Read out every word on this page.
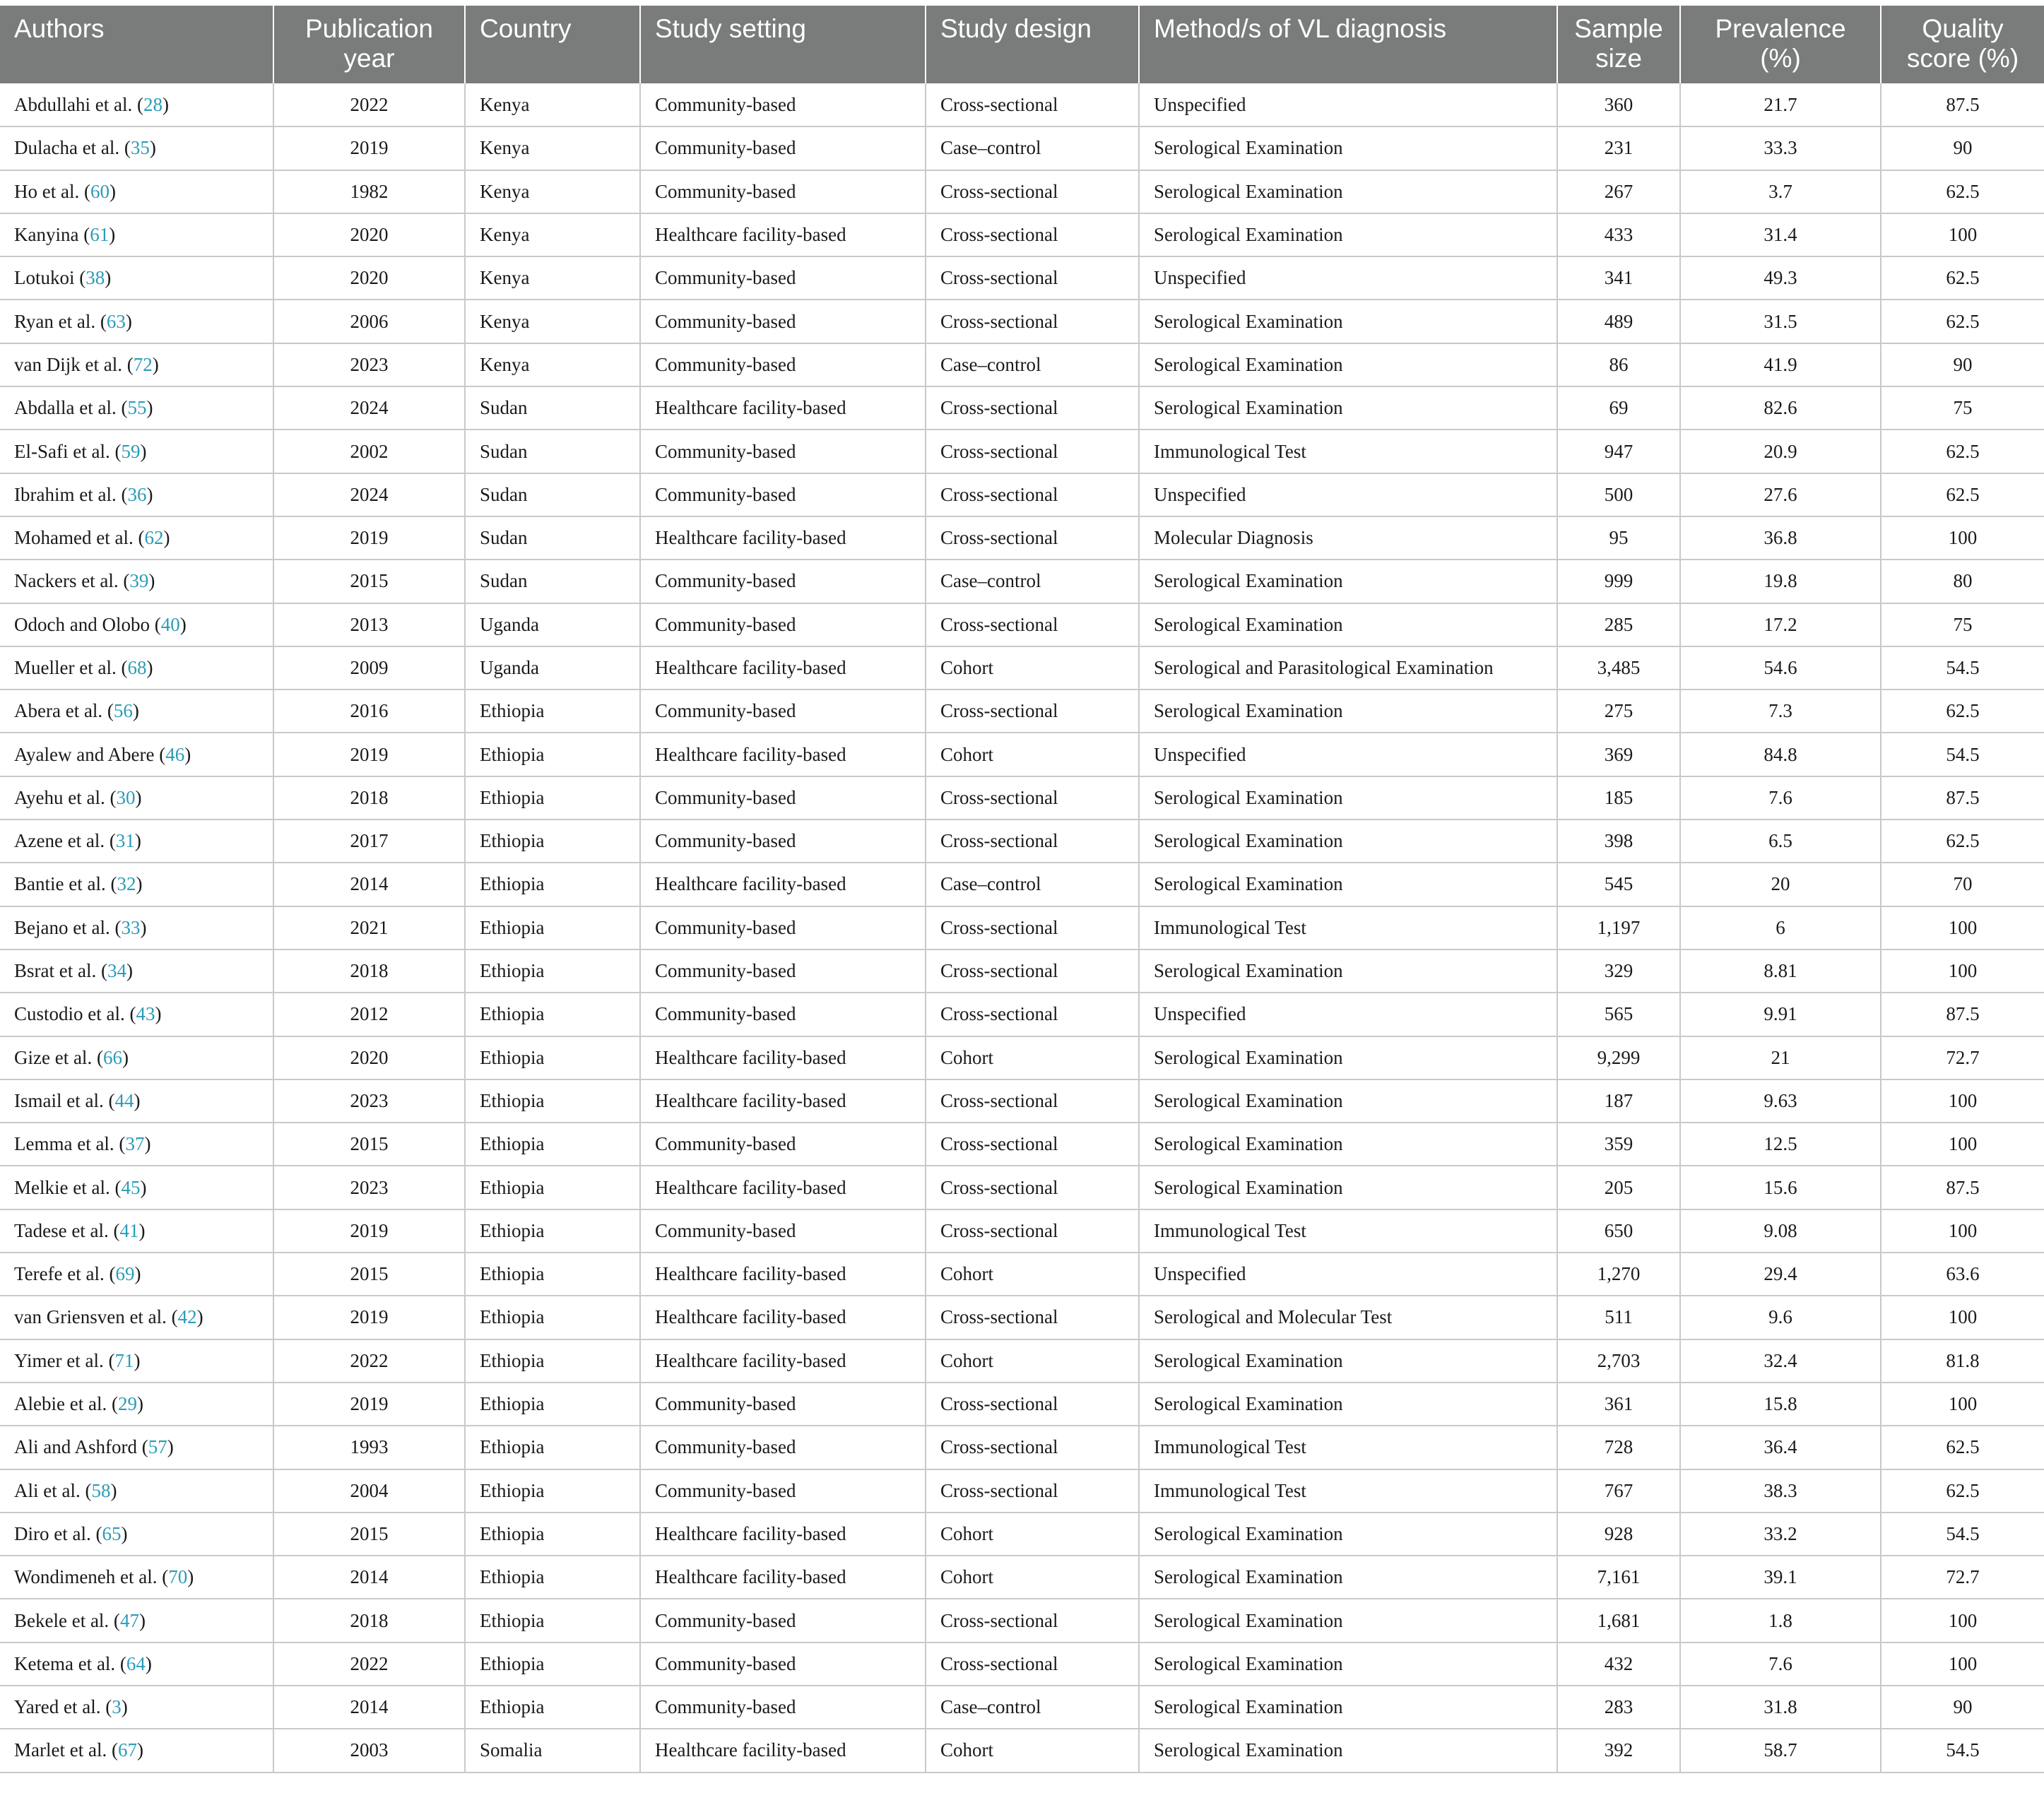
Authors	Publication year	Country	Study setting	Study design	Method/s of VL diagnosis	Sample size	Prevalence (%)	Quality score (%)
Abdullahi et al. (28)	2022	Kenya	Community-based	Cross-sectional	Unspecified	360	21.7	87.5
Dulacha et al. (35)	2019	Kenya	Community-based	Case–control	Serological Examination	231	33.3	90
Ho et al. (60)	1982	Kenya	Community-based	Cross-sectional	Serological Examination	267	3.7	62.5
Kanyina (61)	2020	Kenya	Healthcare facility-based	Cross-sectional	Serological Examination	433	31.4	100
Lotukoi (38)	2020	Kenya	Community-based	Cross-sectional	Unspecified	341	49.3	62.5
Ryan et al. (63)	2006	Kenya	Community-based	Cross-sectional	Serological Examination	489	31.5	62.5
van Dijk et al. (72)	2023	Kenya	Community-based	Case–control	Serological Examination	86	41.9	90
Abdalla et al. (55)	2024	Sudan	Healthcare facility-based	Cross-sectional	Serological Examination	69	82.6	75
El-Safi et al. (59)	2002	Sudan	Community-based	Cross-sectional	Immunological Test	947	20.9	62.5
Ibrahim et al. (36)	2024	Sudan	Community-based	Cross-sectional	Unspecified	500	27.6	62.5
Mohamed et al. (62)	2019	Sudan	Healthcare facility-based	Cross-sectional	Molecular Diagnosis	95	36.8	100
Nackers et al. (39)	2015	Sudan	Community-based	Case–control	Serological Examination	999	19.8	80
Odoch and Olobo (40)	2013	Uganda	Community-based	Cross-sectional	Serological Examination	285	17.2	75
Mueller et al. (68)	2009	Uganda	Healthcare facility-based	Cohort	Serological and Parasitological Examination	3,485	54.6	54.5
Abera et al. (56)	2016	Ethiopia	Community-based	Cross-sectional	Serological Examination	275	7.3	62.5
Ayalew and Abere (46)	2019	Ethiopia	Healthcare facility-based	Cohort	Unspecified	369	84.8	54.5
Ayehu et al. (30)	2018	Ethiopia	Community-based	Cross-sectional	Serological Examination	185	7.6	87.5
Azene et al. (31)	2017	Ethiopia	Community-based	Cross-sectional	Serological Examination	398	6.5	62.5
Bantie et al. (32)	2014	Ethiopia	Healthcare facility-based	Case–control	Serological Examination	545	20	70
Bejano et al. (33)	2021	Ethiopia	Community-based	Cross-sectional	Immunological Test	1,197	6	100
Bsrat et al. (34)	2018	Ethiopia	Community-based	Cross-sectional	Serological Examination	329	8.81	100
Custodio et al. (43)	2012	Ethiopia	Community-based	Cross-sectional	Unspecified	565	9.91	87.5
Gize et al. (66)	2020	Ethiopia	Healthcare facility-based	Cohort	Serological Examination	9,299	21	72.7
Ismail et al. (44)	2023	Ethiopia	Healthcare facility-based	Cross-sectional	Serological Examination	187	9.63	100
Lemma et al. (37)	2015	Ethiopia	Community-based	Cross-sectional	Serological Examination	359	12.5	100
Melkie et al. (45)	2023	Ethiopia	Healthcare facility-based	Cross-sectional	Serological Examination	205	15.6	87.5
Tadese et al. (41)	2019	Ethiopia	Community-based	Cross-sectional	Immunological Test	650	9.08	100
Terefe et al. (69)	2015	Ethiopia	Healthcare facility-based	Cohort	Unspecified	1,270	29.4	63.6
van Griensven et al. (42)	2019	Ethiopia	Healthcare facility-based	Cross-sectional	Serological and Molecular Test	511	9.6	100
Yimer et al. (71)	2022	Ethiopia	Healthcare facility-based	Cohort	Serological Examination	2,703	32.4	81.8
Alebie et al. (29)	2019	Ethiopia	Community-based	Cross-sectional	Serological Examination	361	15.8	100
Ali and Ashford (57)	1993	Ethiopia	Community-based	Cross-sectional	Immunological Test	728	36.4	62.5
Ali et al. (58)	2004	Ethiopia	Community-based	Cross-sectional	Immunological Test	767	38.3	62.5
Diro et al. (65)	2015	Ethiopia	Healthcare facility-based	Cohort	Serological Examination	928	33.2	54.5
Wondimeneh et al. (70)	2014	Ethiopia	Healthcare facility-based	Cohort	Serological Examination	7,161	39.1	72.7
Bekele et al. (47)	2018	Ethiopia	Community-based	Cross-sectional	Serological Examination	1,681	1.8	100
Ketema et al. (64)	2022	Ethiopia	Community-based	Cross-sectional	Serological Examination	432	7.6	100
Yared et al. (3)	2014	Ethiopia	Community-based	Case–control	Serological Examination	283	31.8	90
Marlet et al. (67)	2003	Somalia	Healthcare facility-based	Cohort	Serological Examination	392	58.7	54.5
